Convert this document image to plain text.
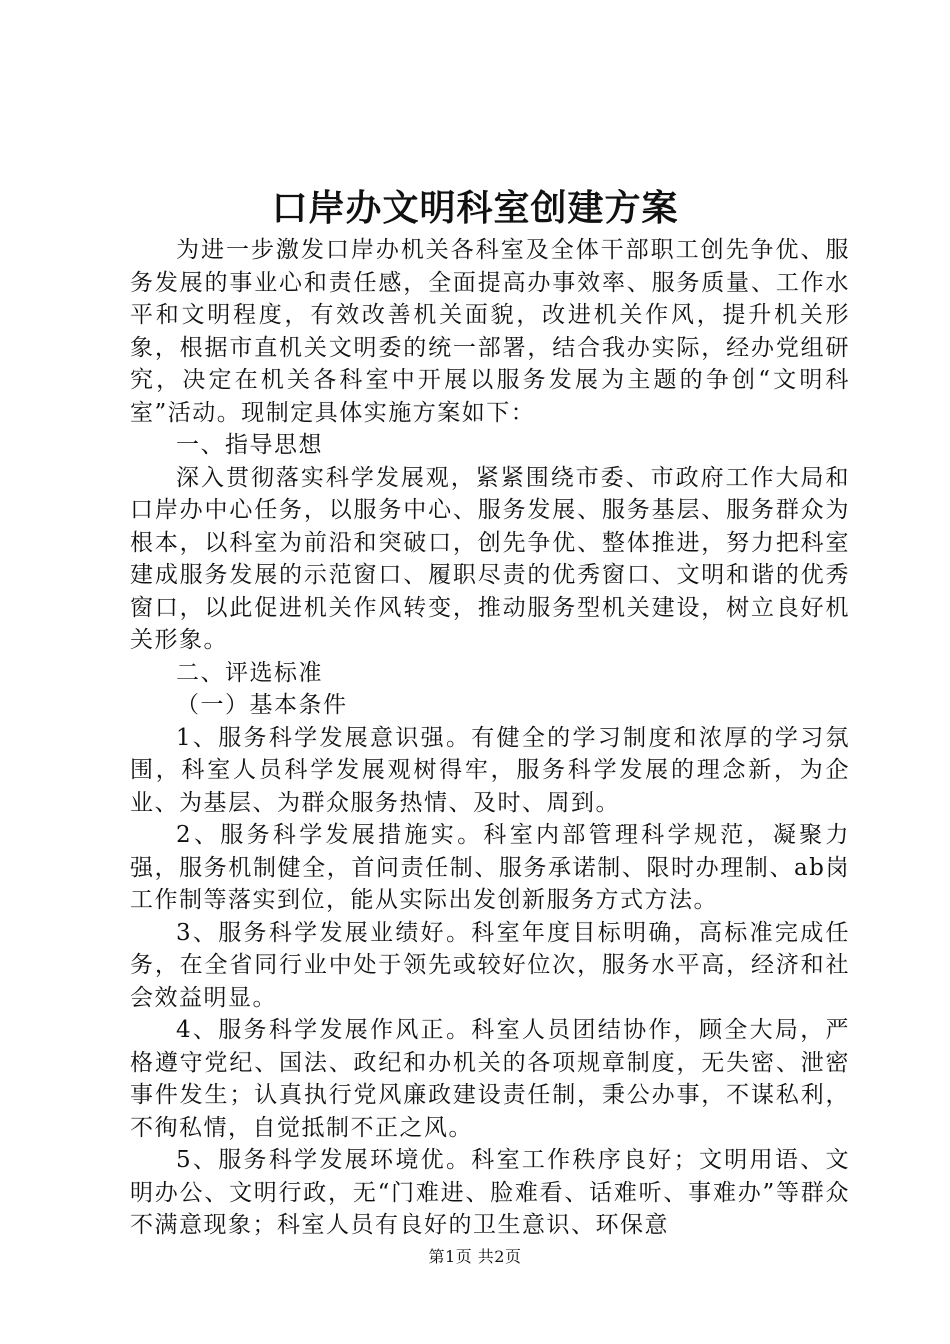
口岸办文明科室创建方案

为进一步激发口岸办机关各科室及全体干部职工创先争优、服务发展的事业心和责任感，全面提高办事效率、服务质量、工作水平和文明程度，有效改善机关面貌，改进机关作风，提升机关形象，根据市直机关文明委的统一部署，结合我办实际，经办党组研究，决定在机关各科室中开展以服务发展为主题的争创“文明科室”活动。现制定具体实施方案如下：

一、指导思想

深入贯彻落实科学发展观，紧紧围绕市委、市政府工作大局和口岸办中心任务，以服务中心、服务发展、服务基层、服务群众为根本，以科室为前沿和突破口，创先争优、整体推进，努力把科室建成服务发展的示范窗口、履职尽责的优秀窗口、文明和谐的优秀窗口，以此促进机关作风转变，推动服务型机关建设，树立良好机关形象。

二、评选标准

（一）基本条件

1、服务科学发展意识强。有健全的学习制度和浓厚的学习氛围，科室人员科学发展观树得牢，服务科学发展的理念新，为企业、为基层、为群众服务热情、及时、周到。

2、服务科学发展措施实。科室内部管理科学规范，凝聚力强，服务机制健全，首问责任制、服务承诺制、限时办理制、ab岗工作制等落实到位，能从实际出发创新服务方式方法。

3、服务科学发展业绩好。科室年度目标明确，高标准完成任务，在全省同行业中处于领先或较好位次，服务水平高，经济和社会效益明显。

4、服务科学发展作风正。科室人员团结协作，顾全大局，严格遵守党纪、国法、政纪和办机关的各项规章制度，无失密、泄密事件发生；认真执行党风廉政建设责任制，秉公办事，不谋私利，不徇私情，自觉抵制不正之风。

5、服务科学发展环境优。科室工作秩序良好；文明用语、文明办公、文明行政，无“门难进、脸难看、话难听、事难办”等群众不满意现象；科室人员有良好的卫生意识、环保意

第1页 共2页
